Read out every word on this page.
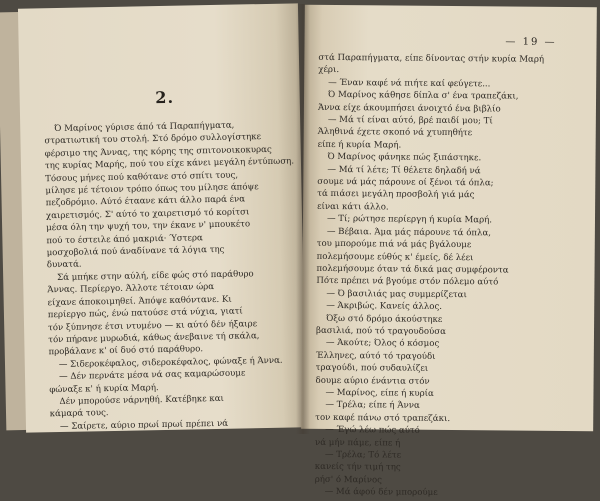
2.
Ό Μαρίνος γύρισε άπό τά Παραπήγματα,
στρατιωτική του στολή. Στό δρόμο συλλογίστηκε
φέρσιμο της Άννας, της κόρης της σπιτονοικοκυρας
της κυρίας Μαρής, πού του είχε κάνει μεγάλη έντύπωση.
Τόσους μήνες πού καθότανε στό σπίτι τους,
μίλησε μέ τέτοιον τρόπο όπως του μίλησε άπόψε
πεζοδρόμιο. Αύτό έταανε κάτι άλλο παρά ένα
χαιρετισμός. Σ' αύτό το χαιρετισμό τό κορίτσι
μέσα όλη την ψυχή του, την έκανε ν' μπουκέτο
πού το έστειλε άπό μακριά· Ύστερα
μοσχοβολιά πού άναδίνανε τά λόγια της
δυνατά.
Σά μπήκε στην αύλή, είδε φώς στό παράθυρο
Άννας. Περίεργο. Άλλοτε τέτοιαν ώρα
είχανε άποκοιμηθεί. Άπόψε καθόντανε. Κι
περίεργο πώς, ένώ πατούσε στά νύχια, γιατί
τόν ξύπνησε έτσι ντυμένο — κι αύτό δέν ήξαιρε
τόν πήρανε μυρωδιά, κάθως άνεβαινε τή σκάλα,
προβάλανε κ' οί δυό στό παράθυρο.
— Σιδεροκέφαλος, σιδεροκέφαλος, φώναξε ή Άννα.
— Δέν περνάτε μέσα νά σας καμαρώσουμε
φώναξε κ' ή κυρία Μαρή.
Δέν μπορούσε νάρνηθή. Κατέβηκε και
κάμαρά τους.
— Σαίρετε, αύριο πρωί πρωί πρέπει νά
— 19 —
στά Παραπήγματα, είπε δίνοντας στήν κυρία Μαρή
χέρι.
— Έναν καφέ νά πιήτε καί φεύγετε...
Ό Μαρίνος κάθησε δίπλα σ' ένα τραπεζάκι,
Άννα είχε άκουμπήσει άνοιχτό ένα βιβλίο
— Μά τί είναι αύτό, βρέ παιδί μου; Τί
Άληθινά έχετε σκοπό νά χτυπηθήτε
είπε ή κυρία Μαρή.
Ό Μαρίνος φάνηκε πώς ξιπάστηκε.
— Μά τί λέτε; Τί θέλετε δηλαδή νά
σουμε νά μάς πάρουνε οί ξένοι τά όπλα;
τά πιάσει μεγάλη προσβολή γιά μάς
είναι κάτι άλλο.
— Τί; ρώτησε περίεργη ή κυρία Μαρή.
— Βέβαια. Άμα μάς πάρουνε τά όπλα,
του μπορούμε πιά νά μάς βγάλουμε
πολεμήσουμε εύθύς κ' έμείς, δέ λέει
πολεμήσουμε όταν τά δικά μας συμφέροντα
Πότε πρέπει νά βγούμε στόν πόλεμο αύτό
— Ό βασιλιάς μας συμμερίζεται
— Άκριβώς. Κανείς άλλος.
Όξω στό δρόμο άκούστηκε
βασιλιά, πού τό τραγουδούσα
— Άκούτε; Όλος ό κόσμος
Έλληνες, αύτό τό τραγούδι
τραγούδι, πού συδαυλίζει
δουμε αύριο ένάντια στόν
— Μαρίνος, είπε ή κυρία
— Τρέλα; είπε ή Άννα
τον καφέ πάνω στό τραπεζάκι.
— Έγώ λέω πώς αύτό
νά μήν πάμε, είπε ή
— Τρέλα; Τό λέτε
κανείς τήν τιμή της
ρήσ' ό Μαρίνος
— Μά άφού δέν μπορούμε
